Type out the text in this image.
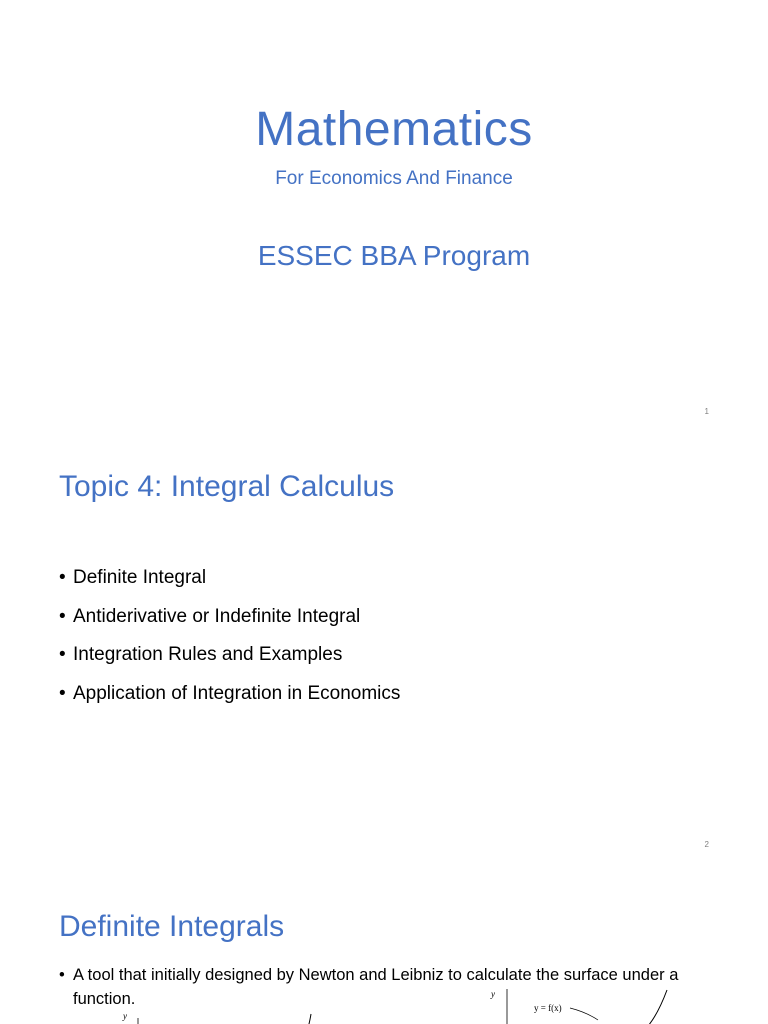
Mathematics
For Economics And Finance
ESSEC BBA Program
1
Topic 4: Integral Calculus
• Definite Integral
• Antiderivative or Indefinite Integral
• Integration Rules and Examples
• Application of Integration in Economics
2
Definite Integrals
• A tool that initially designed by Newton and Leibniz to calculate the surface under a function.
y
y
y = f(x)
